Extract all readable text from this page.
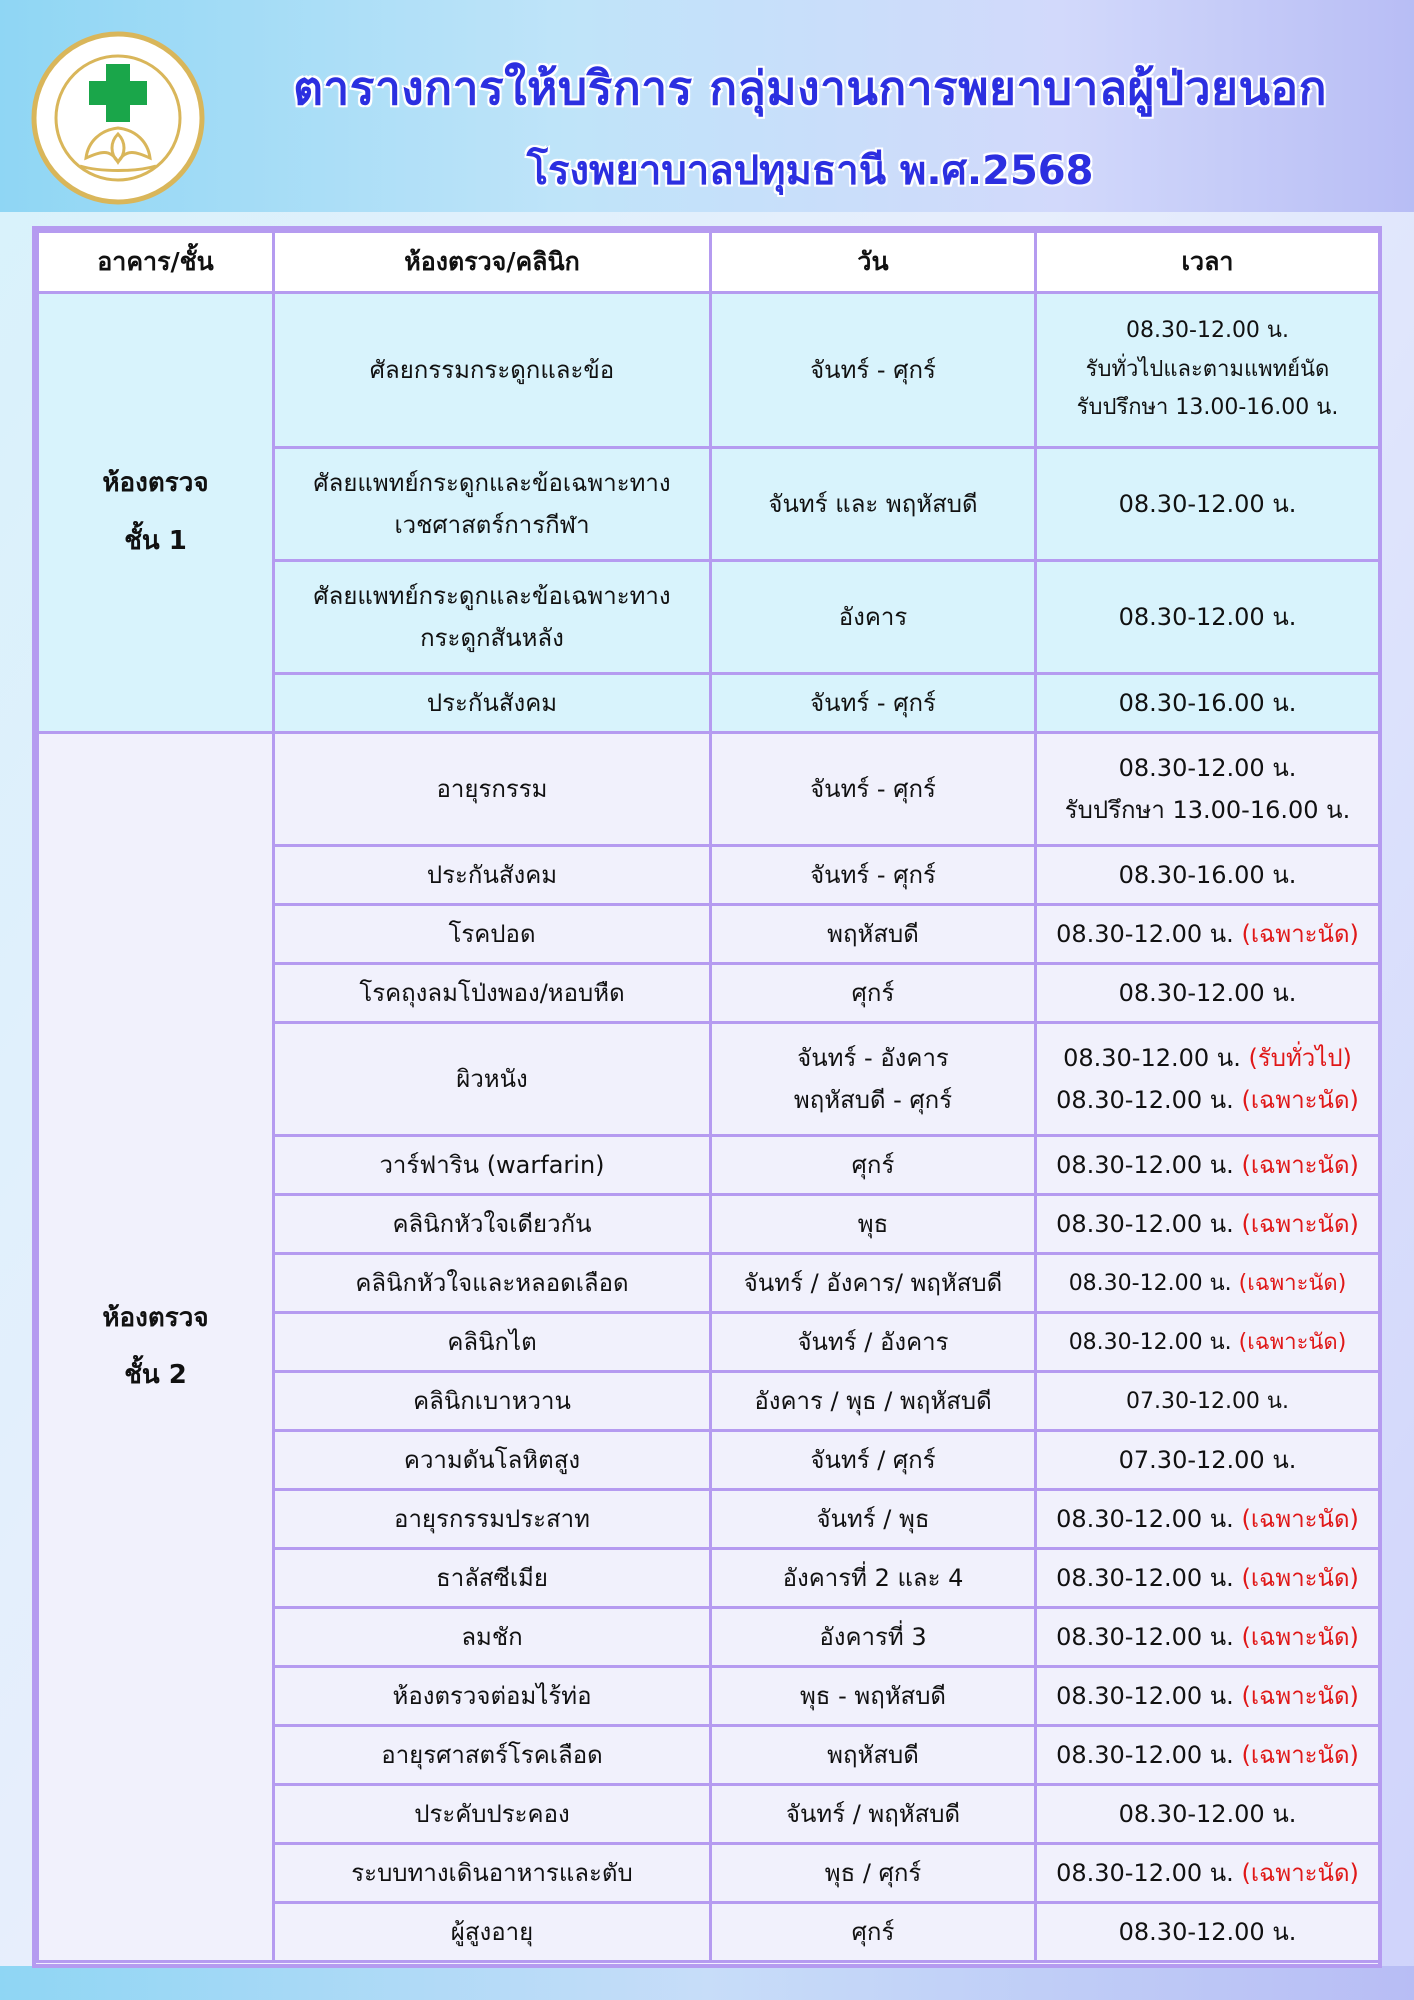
ตารางการให้บริการ กลุ่มงานการพยาบาลผู้ป่วยนอก
โรงพยาบาลปทุมธานี พ.ศ.2568
อาคาร/ชั้น	ห้องตรวจ/คลินิก	วัน	เวลา

ห้องตรวจ
ชั้น 1	ศัลยกรรมกระดูกและข้อ	จันทร์ - ศุกร์	08.30-12.00 น.
รับทั่วไปและตามแพทย์นัด
รับปรึกษา 13.00-16.00 น.

	ศัลยแพทย์กระดูกและข้อเฉพาะทาง
เวชศาสตร์การกีฬา	จันทร์ และ พฤหัสบดี	08.30-12.00 น.

	ศัลยแพทย์กระดูกและข้อเฉพาะทาง
กระดูกสันหลัง	อังคาร	08.30-12.00 น.
	ประกันสังคม	จันทร์ - ศุกร์	08.30-16.00 น.

ห้องตรวจ
ชั้น 2	อายุรกรรม	จันทร์ - ศุกร์	08.30-12.00 น.
รับปรึกษา 13.00-16.00 น.

	ประกันสังคม	จันทร์ - ศุกร์	08.30-16.00 น.
	โรคปอด	พฤหัสบดี	08.30-12.00 น. (เฉพาะนัด)
	โรคถุงลมโป่งพอง/หอบหืด	ศุกร์	08.30-12.00 น.
	ผิวหนัง	จันทร์ - อังคาร
พฤหัสบดี - ศุกร์	08.30-12.00 น. (รับทั่วไป)
08.30-12.00 น. (เฉพาะนัด)

	วาร์ฟาริน (warfarin)	ศุกร์	08.30-12.00 น. (เฉพาะนัด)
	คลินิกหัวใจเดียวกัน	พุธ	08.30-12.00 น. (เฉพาะนัด)
	คลินิกหัวใจและหลอดเลือด	จันทร์ / อังคาร/ พฤหัสบดี	08.30-12.00 น. (เฉพาะนัด)
	คลินิกไต	จันทร์ / อังคาร	08.30-12.00 น. (เฉพาะนัด)
	คลินิกเบาหวาน	อังคาร / พุธ / พฤหัสบดี	07.30-12.00 น.
	ความดันโลหิตสูง	จันทร์ / ศุกร์	07.30-12.00 น.
	อายุรกรรมประสาท	จันทร์ / พุธ	08.30-12.00 น. (เฉพาะนัด)
	ธาลัสซีเมีย	อังคารที่ 2 และ 4	08.30-12.00 น. (เฉพาะนัด)
	ลมชัก	อังคารที่ 3	08.30-12.00 น. (เฉพาะนัด)
	ห้องตรวจต่อมไร้ท่อ	พุธ - พฤหัสบดี	08.30-12.00 น. (เฉพาะนัด)
	อายุรศาสตร์โรคเลือด	พฤหัสบดี	08.30-12.00 น. (เฉพาะนัด)
	ประคับประคอง	จันทร์ / พฤหัสบดี	08.30-12.00 น.
	ระบบทางเดินอาหารและตับ	พุธ / ศุกร์	08.30-12.00 น. (เฉพาะนัด)
	ผู้สูงอายุ	ศุกร์	08.30-12.00 น.
